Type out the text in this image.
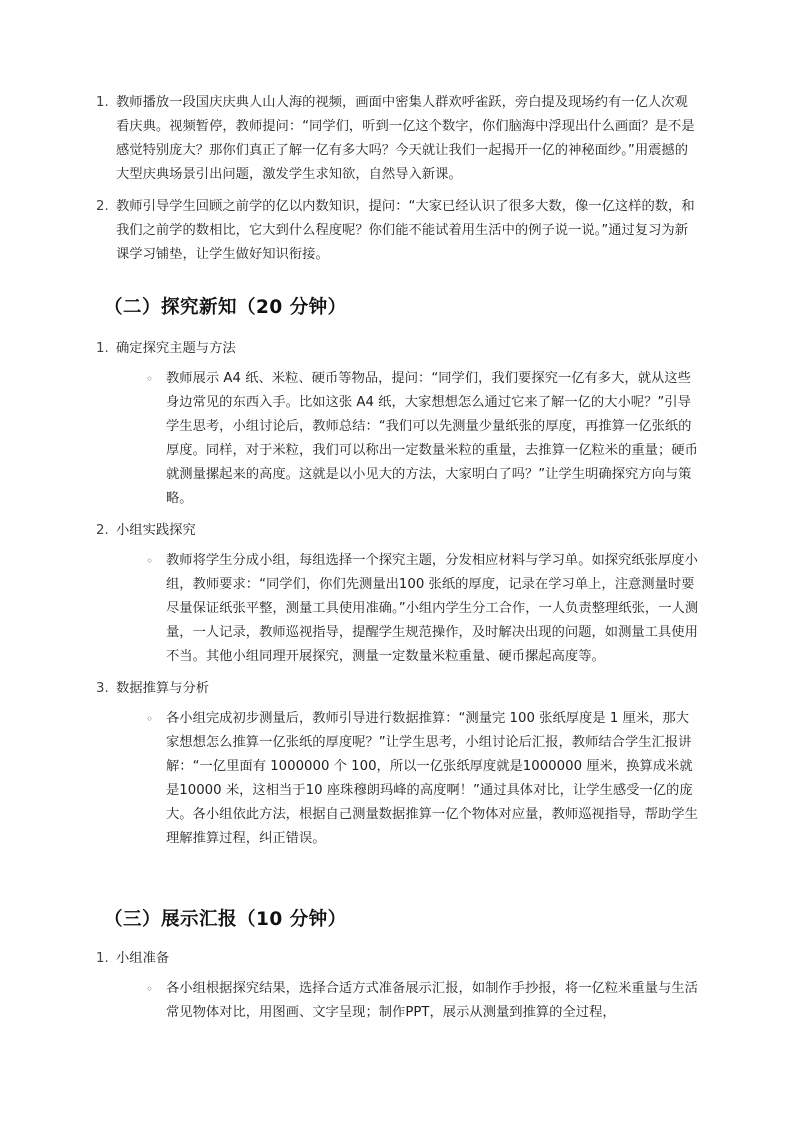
1. 教师播放一段国庆庆典人山人海的视频，画面中密集人群欢呼雀跃，旁白提及现场约有一亿人次观看庆典。视频暂停，教师提问：“同学们，听到一亿这个数字，你们脑海中浮现出什么画面？是不是感觉特别庞大？那你们真正了解一亿有多大吗？今天就让我们一起揭开一亿的神秘面纱。”用震撼的大型庆典场景引出问题，激发学生求知欲，自然导入新课。
2. 教师引导学生回顾之前学的亿以内数知识，提问：“大家已经认识了很多大数，像一亿这样的数，和我们之前学的数相比，它大到什么程度呢？你们能不能试着用生活中的例子说一说。”通过复习为新课学习铺垫，让学生做好知识衔接。
（二）探究新知（20 分钟）
1. 确定探究主题与方法
◦ 教师展示 A4 纸、米粒、硬币等物品，提问：“同学们，我们要探究一亿有多大，就从这些身边常见的东西入手。比如这张 A4 纸，大家想想怎么通过它来了解一亿的大小呢？”引导学生思考，小组讨论后，教师总结：“我们可以先测量少量纸张的厚度，再推算一亿张纸的厚度。同样，对于米粒，我们可以称出一定数量米粒的重量，去推算一亿粒米的重量；硬币就测量摞起来的高度。这就是以小见大的方法，大家明白了吗？”让学生明确探究方向与策略。
2. 小组实践探究
◦ 教师将学生分成小组，每组选择一个探究主题，分发相应材料与学习单。如探究纸张厚度小组，教师要求：“同学们，你们先测量出100 张纸的厚度，记录在学习单上，注意测量时要尽量保证纸张平整，测量工具使用准确。”小组内学生分工合作，一人负责整理纸张，一人测量，一人记录，教师巡视指导，提醒学生规范操作，及时解决出现的问题，如测量工具使用不当。其他小组同理开展探究，测量一定数量米粒重量、硬币摞起高度等。
3. 数据推算与分析
◦ 各小组完成初步测量后，教师引导进行数据推算：“测量完 100 张纸厚度是 1 厘米，那大家想想怎么推算一亿张纸的厚度呢？”让学生思考，小组讨论后汇报，教师结合学生汇报讲解：“一亿里面有 1000000 个 100，所以一亿张纸厚度就是1000000 厘米，换算成米就是10000 米，这相当于10 座珠穆朗玛峰的高度啊！”通过具体对比，让学生感受一亿的庞大。各小组依此方法，根据自己测量数据推算一亿个物体对应量，教师巡视指导，帮助学生理解推算过程，纠正错误。
（三）展示汇报（10 分钟）
1. 小组准备
◦ 各小组根据探究结果，选择合适方式准备展示汇报，如制作手抄报，将一亿粒米重量与生活常见物体对比，用图画、文字呈现；制作PPT，展示从测量到推算的全过程，
